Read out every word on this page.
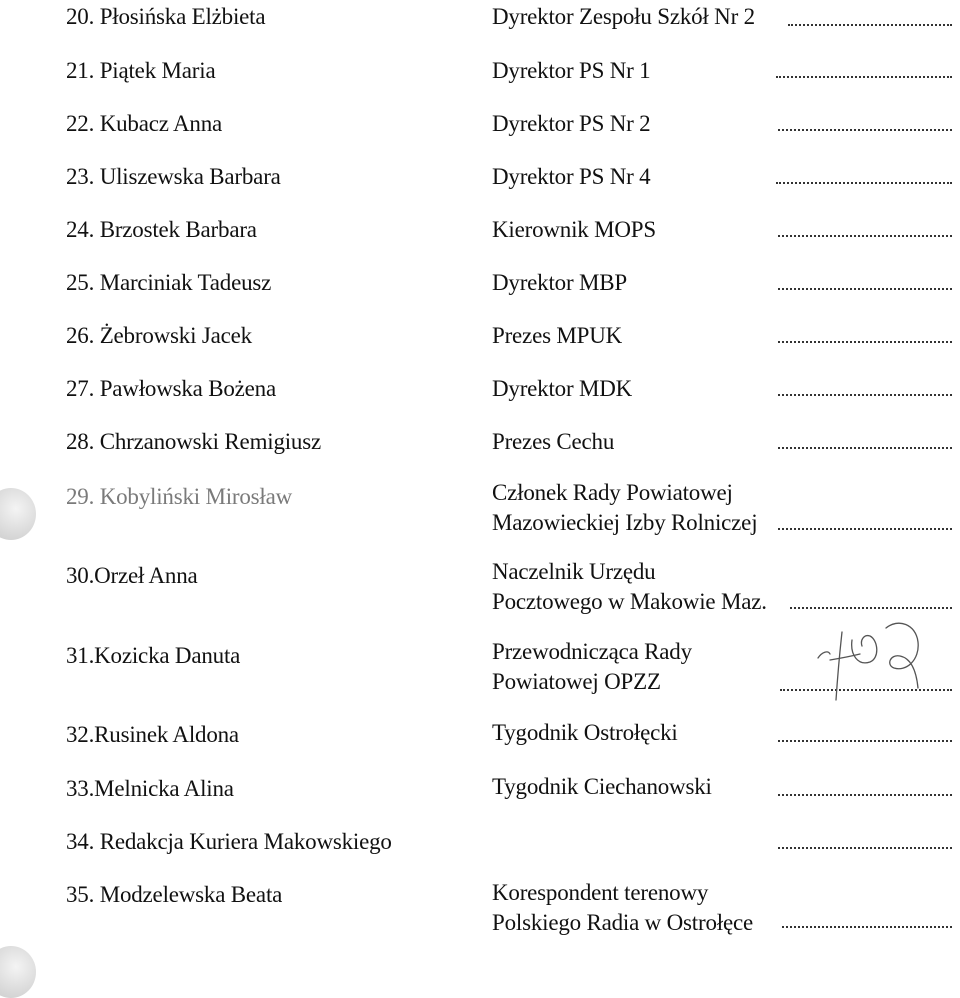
20. Płosińska Elżbieta	Dyrektor Zespołu Szkół Nr 2
21. Piątek Maria	Dyrektor PS Nr 1
22. Kubacz Anna	Dyrektor PS Nr 2
23. Uliszewska Barbara	Dyrektor PS Nr 4
24. Brzostek Barbara	Kierownik MOPS
25. Marciniak Tadeusz	Dyrektor MBP
26. Żebrowski Jacek	Prezes MPUK
27. Pawłowska Bożena	Dyrektor MDK
28. Chrzanowski Remigiusz	Prezes Cechu
29. Kobyliński Mirosław	Członek Rady Powiatowej
Mazowieckiej Izby Rolniczej
30.Orzeł Anna	Naczelnik Urzędu
Pocztowego w Makowie Maz.
31.Kozicka Danuta	Przewodnicząca Rady
Powiatowej OPZZ
32.Rusinek Aldona	Tygodnik Ostrołęcki
33.Melnicka Alina	Tygodnik Ciechanowski
34. Redakcja Kuriera Makowskiego
35. Modzelewska Beata	Korespondent terenowy
Polskiego Radia w Ostrołęce
